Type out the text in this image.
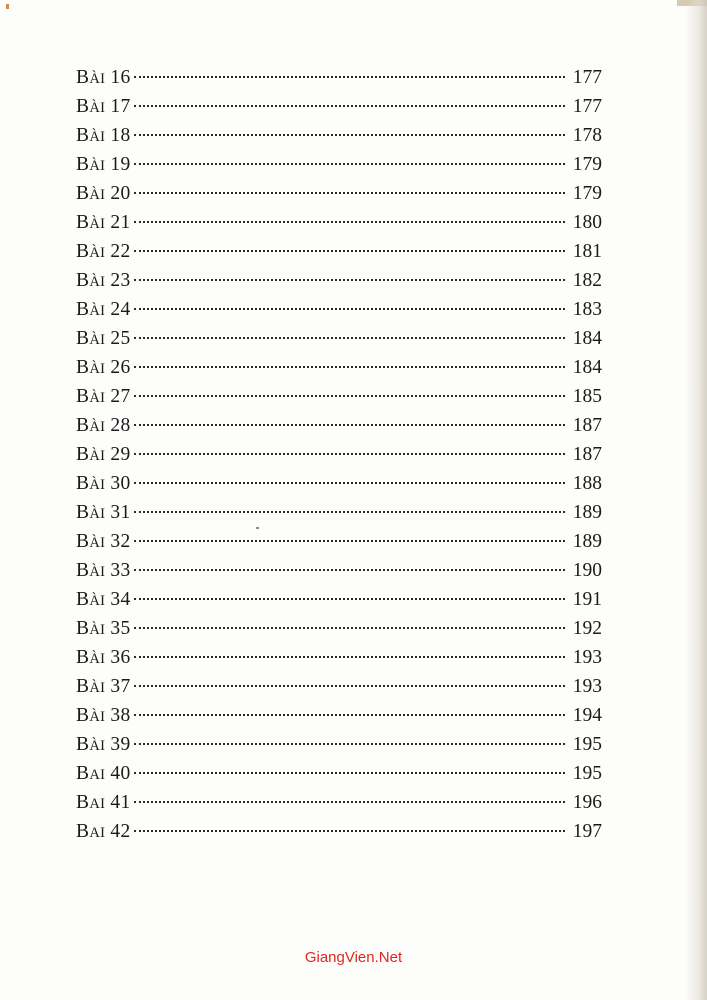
BÀI 16	177
BÀI 17	177
BÀI 18	178
BÀI 19	179
BÀI 20	179
BÀI 21	180
BÀI 22	181
BÀI 23	182
BÀI 24	183
BÀI 25	184
BÀI 26	184
BÀI 27	185
BÀI 28	187
BÀI 29	187
BÀI 30	188
BÀI 31	189
BÀI 32	189
BÀI 33	190
BÀI 34	191
BÀI 35	192
BÀI 36	193
BÀI 37	193
BÀI 38	194
BÀI 39	195
BAI 40	195
BAI 41	196
BAI 42	197
GiangVien.Net
